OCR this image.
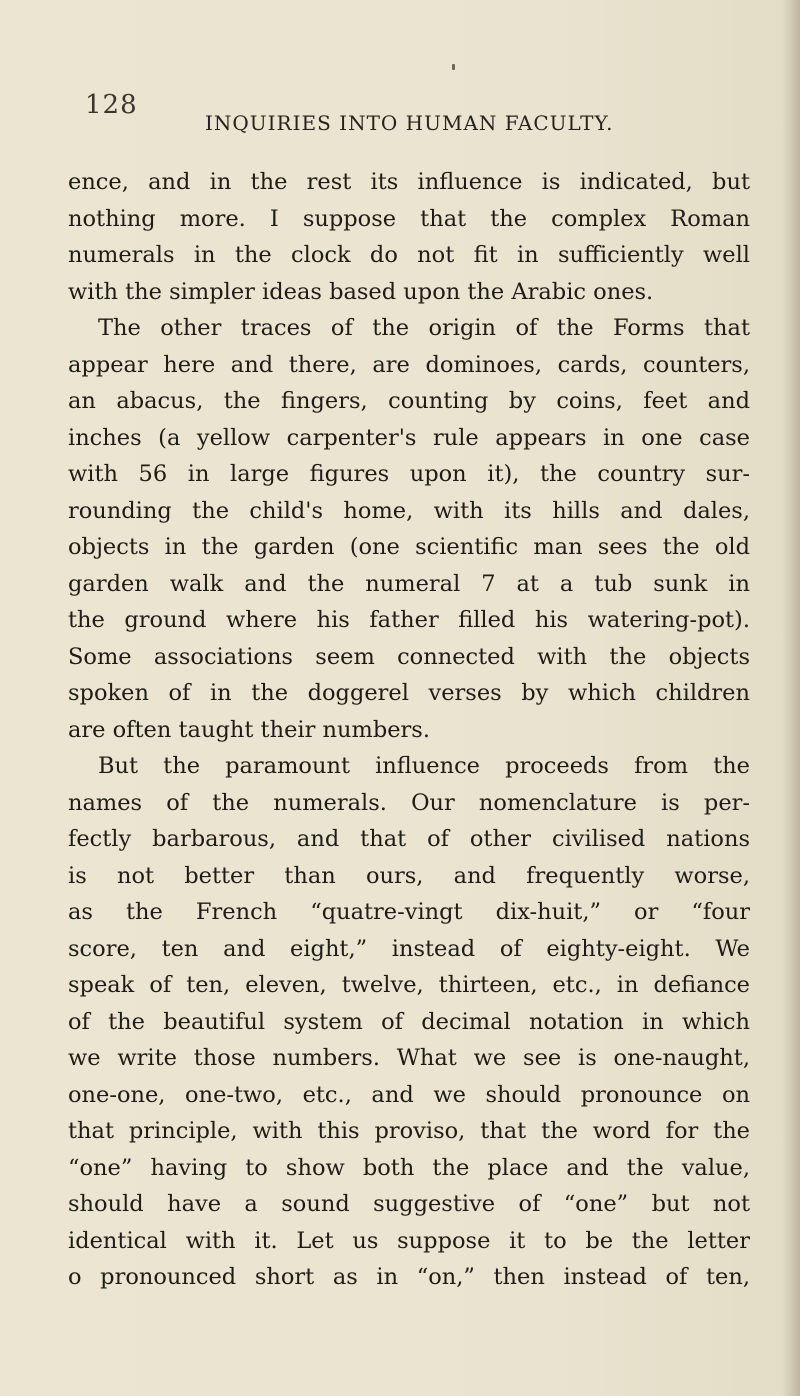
128
INQUIRIES INTO HUMAN FACULTY.
ence, and in the rest its influence is indicated, but
nothing more. I suppose that the complex Roman
numerals in the clock do not fit in sufficiently well
with the simpler ideas based upon the Arabic ones.
The other traces of the origin of the Forms that
appear here and there, are dominoes, cards, counters,
an abacus, the fingers, counting by coins, feet and
inches (a yellow carpenter's rule appears in one case
with 56 in large figures upon it), the country sur-
rounding the child's home, with its hills and dales,
objects in the garden (one scientific man sees the old
garden walk and the numeral 7 at a tub sunk in
the ground where his father filled his watering-pot).
Some associations seem connected with the objects
spoken of in the doggerel verses by which children
are often taught their numbers.
But the paramount influence proceeds from the
names of the numerals. Our nomenclature is per-
fectly barbarous, and that of other civilised nations
is not better than ours, and frequently worse,
as the French “quatre-vingt dix-huit,” or “four
score, ten and eight,” instead of eighty-eight. We
speak of ten, eleven, twelve, thirteen, etc., in defiance
of the beautiful system of decimal notation in which
we write those numbers. What we see is one-naught,
one-one, one-two, etc., and we should pronounce on
that principle, with this proviso, that the word for the
“one” having to show both the place and the value,
should have a sound suggestive of “one” but not
identical with it. Let us suppose it to be the letter
o pronounced short as in “on,” then instead of ten,
